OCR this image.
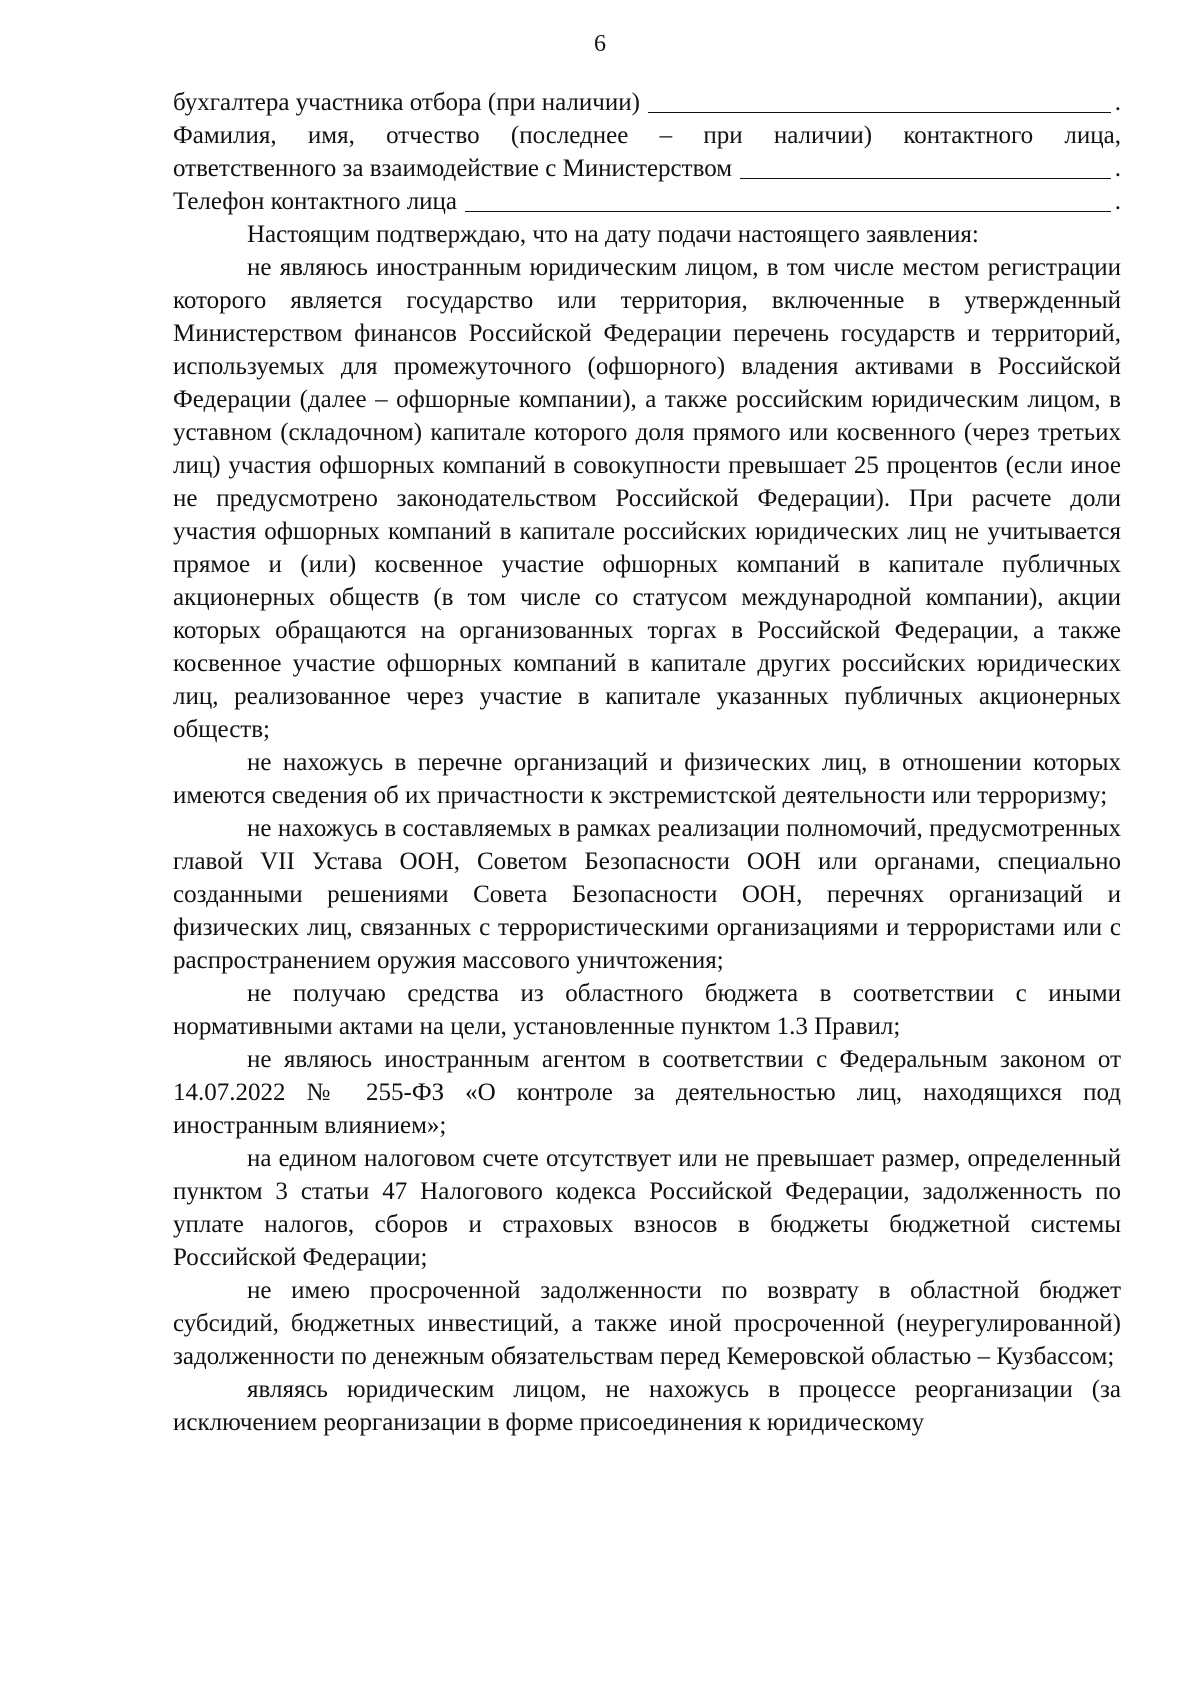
6
бухгалтера участника отбора (при наличии)	.
Фамилия, имя, отчество (последнее – при наличии) контактного лица,
ответственного за взаимодействие с Министерством	.
Телефон контактного лица	.

Настоящим подтверждаю, что на дату подачи настоящего заявления:

не являюсь иностранным юридическим лицом, в том числе местом регистрации которого является государство или территория, включенные в утвержденный Министерством финансов Российской Федерации перечень государств и территорий, используемых для промежуточного (офшорного) владения активами в Российской Федерации (далее – офшорные компании), а также российским юридическим лицом, в уставном (складочном) капитале которого доля прямого или косвенного (через третьих лиц) участия офшорных компаний в совокупности превышает 25 процентов (если иное не предусмотрено законодательством Российской Федерации). При расчете доли участия офшорных компаний в капитале российских юридических лиц не учитывается прямое и (или) косвенное участие офшорных компаний в капитале публичных акционерных обществ (в том числе со статусом международной компании), акции которых обращаются на организованных торгах в Российской Федерации, а также косвенное участие офшорных компаний в капитале других российских юридических лиц, реализованное через участие в капитале указанных публичных акционерных обществ;

не нахожусь в перечне организаций и физических лиц, в отношении которых имеются сведения об их причастности к экстремистской деятельности или терроризму;

не нахожусь в составляемых в рамках реализации полномочий, предусмотренных главой VII Устава ООН, Советом Безопасности ООН или органами, специально созданными решениями Совета Безопасности ООН, перечнях организаций и физических лиц, связанных с террористическими организациями и террористами или с распространением оружия массового уничтожения;

не получаю средства из областного бюджета в соответствии с иными нормативными актами на цели, установленные пунктом 1.3 Правил;

не являюсь иностранным агентом в соответствии с Федеральным законом от 14.07.2022 № 255-ФЗ «О контроле за деятельностью лиц, находящихся под иностранным влиянием»;

на едином налоговом счете отсутствует или не превышает размер, определенный пунктом 3 статьи 47 Налогового кодекса Российской Федерации, задолженность по уплате налогов, сборов и страховых взносов в бюджеты бюджетной системы Российской Федерации;

не имею просроченной задолженности по возврату в областной бюджет субсидий, бюджетных инвестиций, а также иной просроченной (неурегулированной) задолженности по денежным обязательствам перед Кемеровской областью – Кузбассом;

являясь юридическим лицом, не нахожусь в процессе реорганизации (за исключением реорганизации в форме присоединения к юридическому
